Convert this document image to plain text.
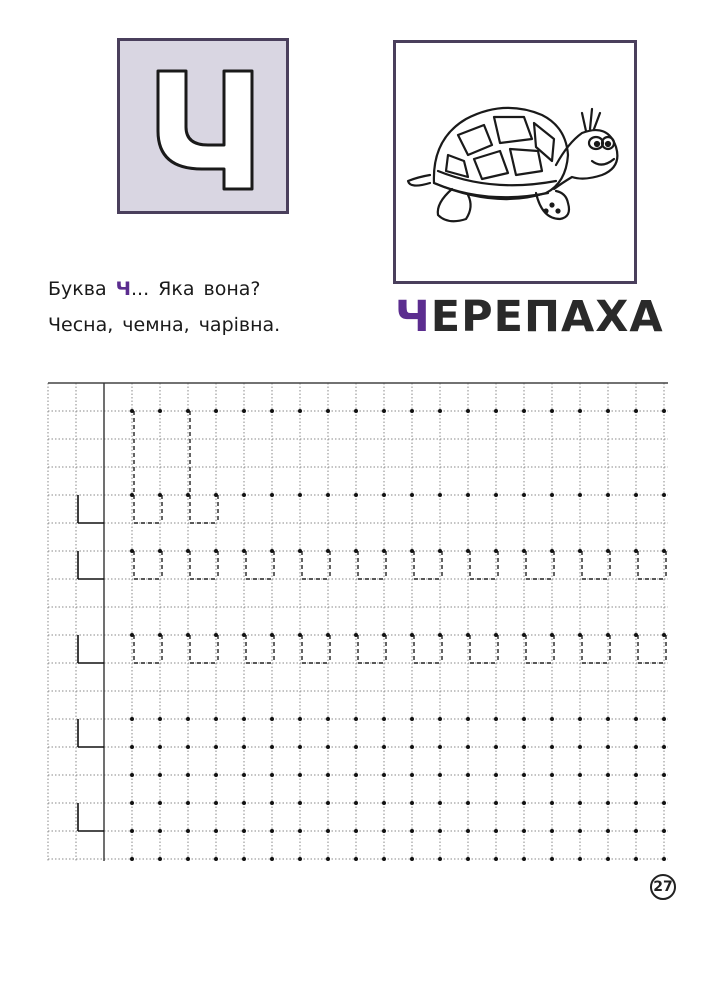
Буква Ч... Яка вона?
Чесна, чемна, чарівна.	ЧЕРЕПАХА
27
